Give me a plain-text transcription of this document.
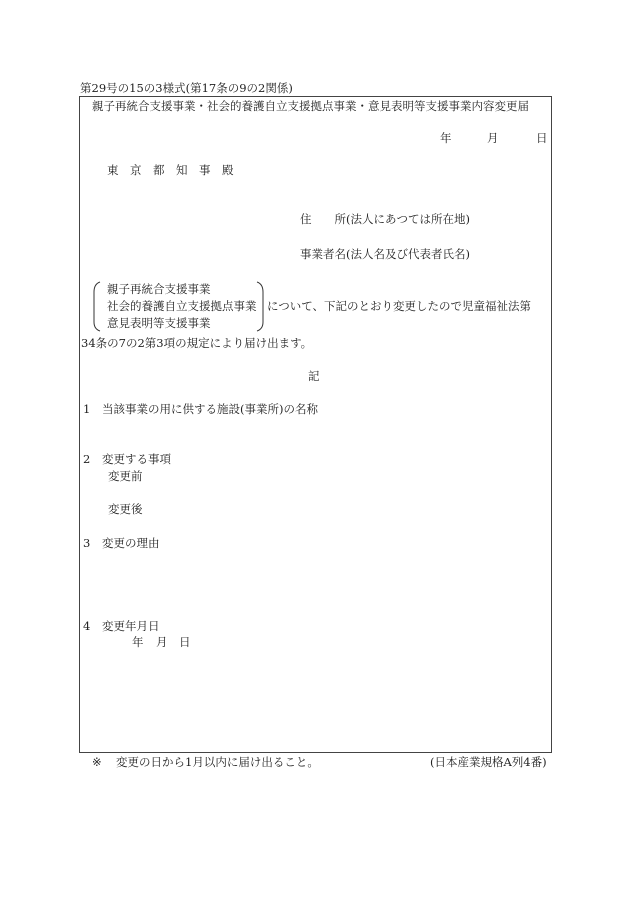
第29号の15の3様式(第17条の9の2関係)
親子再統合支援事業・社会的養護自立支援拠点事業・意見表明等支援事業内容変更届
年	月	日
東　京　都　知　事　殿
住　　所(法人にあつては所在地)
事業者名(法人名及び代表者氏名)
親子再統合支援事業
社会的養護自立支援拠点事業
意見表明等支援事業
について、下記のとおり変更したので児童福祉法第
34条の7の2第3項の規定により届け出ます。
記
1 当該事業の用に供する施設(事業所)の名称
2 変更する事項
変更前
変更後
3 変更の理由
4 変更年月日
年 月 日
※ 変更の日から1月以内に届け出ること。	(日本産業規格A列4番)
